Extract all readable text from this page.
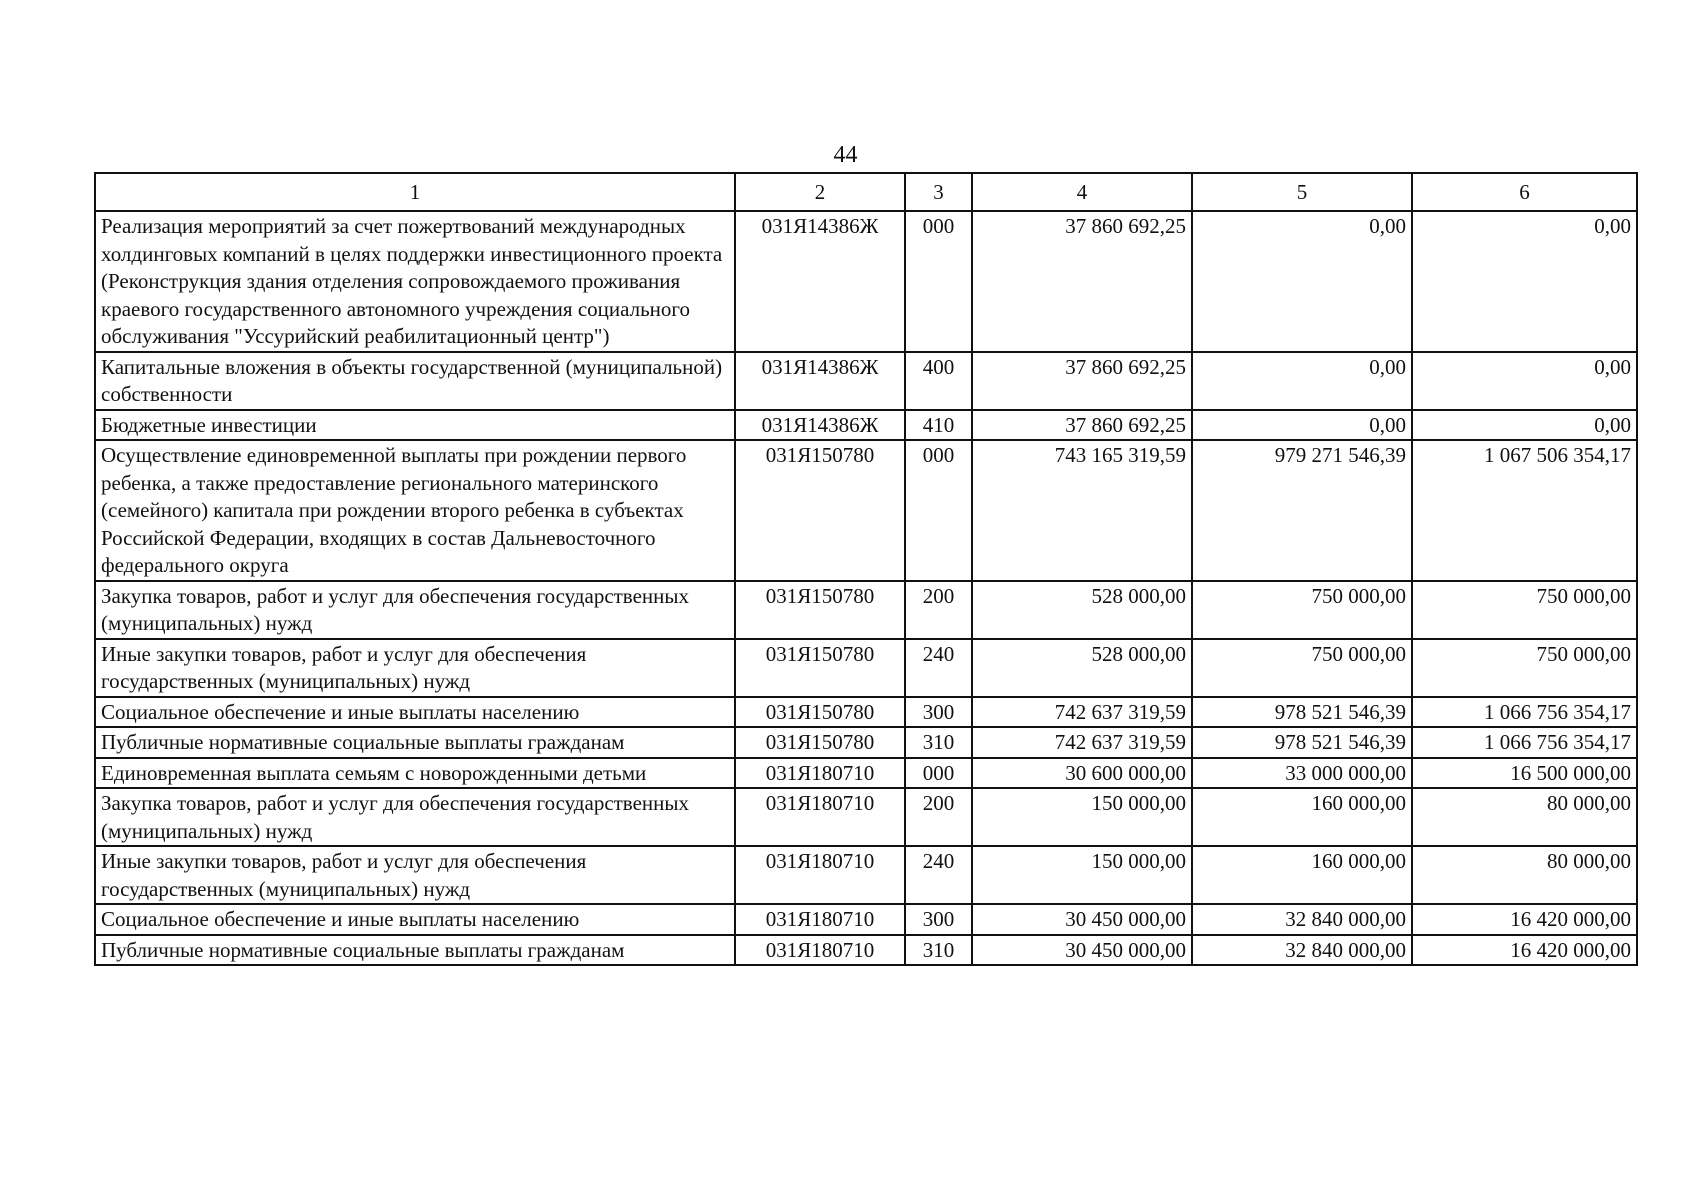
44
1	2	3	4	5	6
Реализация мероприятий за счет пожертвований международных холдинговых компаний в целях поддержки инвестиционного проекта (Реконструкция здания отделения сопровождаемого проживания краевого государственного автономного учреждения социального обслуживания "Уссурийский реабилитационный центр")	031Я14386Ж	000	37 860 692,25	0,00	0,00
Капитальные вложения в объекты государственной (муниципальной) собственности	031Я14386Ж	400	37 860 692,25	0,00	0,00
Бюджетные инвестиции	031Я14386Ж	410	37 860 692,25	0,00	0,00
Осуществление единовременной выплаты при рождении первого ребенка, а также предоставление регионального материнского (семейного) капитала при рождении второго ребенка в субъектах Российской Федерации, входящих в состав Дальневосточного федерального округа	031Я150780	000	743 165 319,59	979 271 546,39	1 067 506 354,17
Закупка товаров, работ и услуг для обеспечения государственных (муниципальных) нужд	031Я150780	200	528 000,00	750 000,00	750 000,00
Иные закупки товаров, работ и услуг для обеспечения государственных (муниципальных) нужд	031Я150780	240	528 000,00	750 000,00	750 000,00
Социальное обеспечение и иные выплаты населению	031Я150780	300	742 637 319,59	978 521 546,39	1 066 756 354,17
Публичные нормативные социальные выплаты гражданам	031Я150780	310	742 637 319,59	978 521 546,39	1 066 756 354,17
Единовременная выплата семьям с новорожденными детьми	031Я180710	000	30 600 000,00	33 000 000,00	16 500 000,00
Закупка товаров, работ и услуг для обеспечения государственных (муниципальных) нужд	031Я180710	200	150 000,00	160 000,00	80 000,00
Иные закупки товаров, работ и услуг для обеспечения государственных (муниципальных) нужд	031Я180710	240	150 000,00	160 000,00	80 000,00
Социальное обеспечение и иные выплаты населению	031Я180710	300	30 450 000,00	32 840 000,00	16 420 000,00
Публичные нормативные социальные выплаты гражданам	031Я180710	310	30 450 000,00	32 840 000,00	16 420 000,00
